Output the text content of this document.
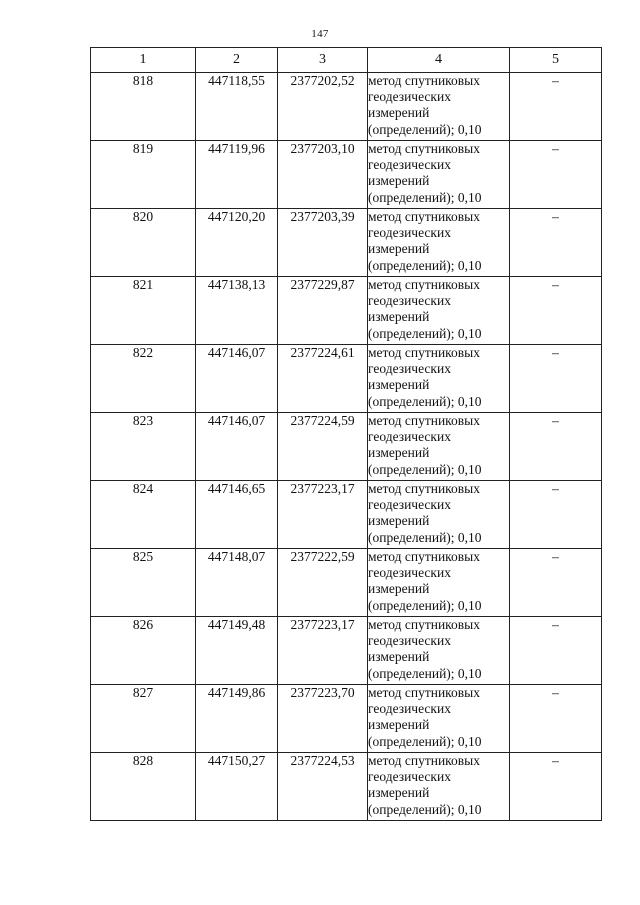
147
1	2	3	4	5
818	447118,55	2377202,52	метод спутниковых геодезических измерений (определений); 0,10	–
819	447119,96	2377203,10	метод спутниковых геодезических измерений (определений); 0,10	–
820	447120,20	2377203,39	метод спутниковых геодезических измерений (определений); 0,10	–
821	447138,13	2377229,87	метод спутниковых геодезических измерений (определений); 0,10	–
822	447146,07	2377224,61	метод спутниковых геодезических измерений (определений); 0,10	–
823	447146,07	2377224,59	метод спутниковых геодезических измерений (определений); 0,10	–
824	447146,65	2377223,17	метод спутниковых геодезических измерений (определений); 0,10	–
825	447148,07	2377222,59	метод спутниковых геодезических измерений (определений); 0,10	–
826	447149,48	2377223,17	метод спутниковых геодезических измерений (определений); 0,10	–
827	447149,86	2377223,70	метод спутниковых геодезических измерений (определений); 0,10	–
828	447150,27	2377224,53	метод спутниковых геодезических измерений (определений); 0,10	–
